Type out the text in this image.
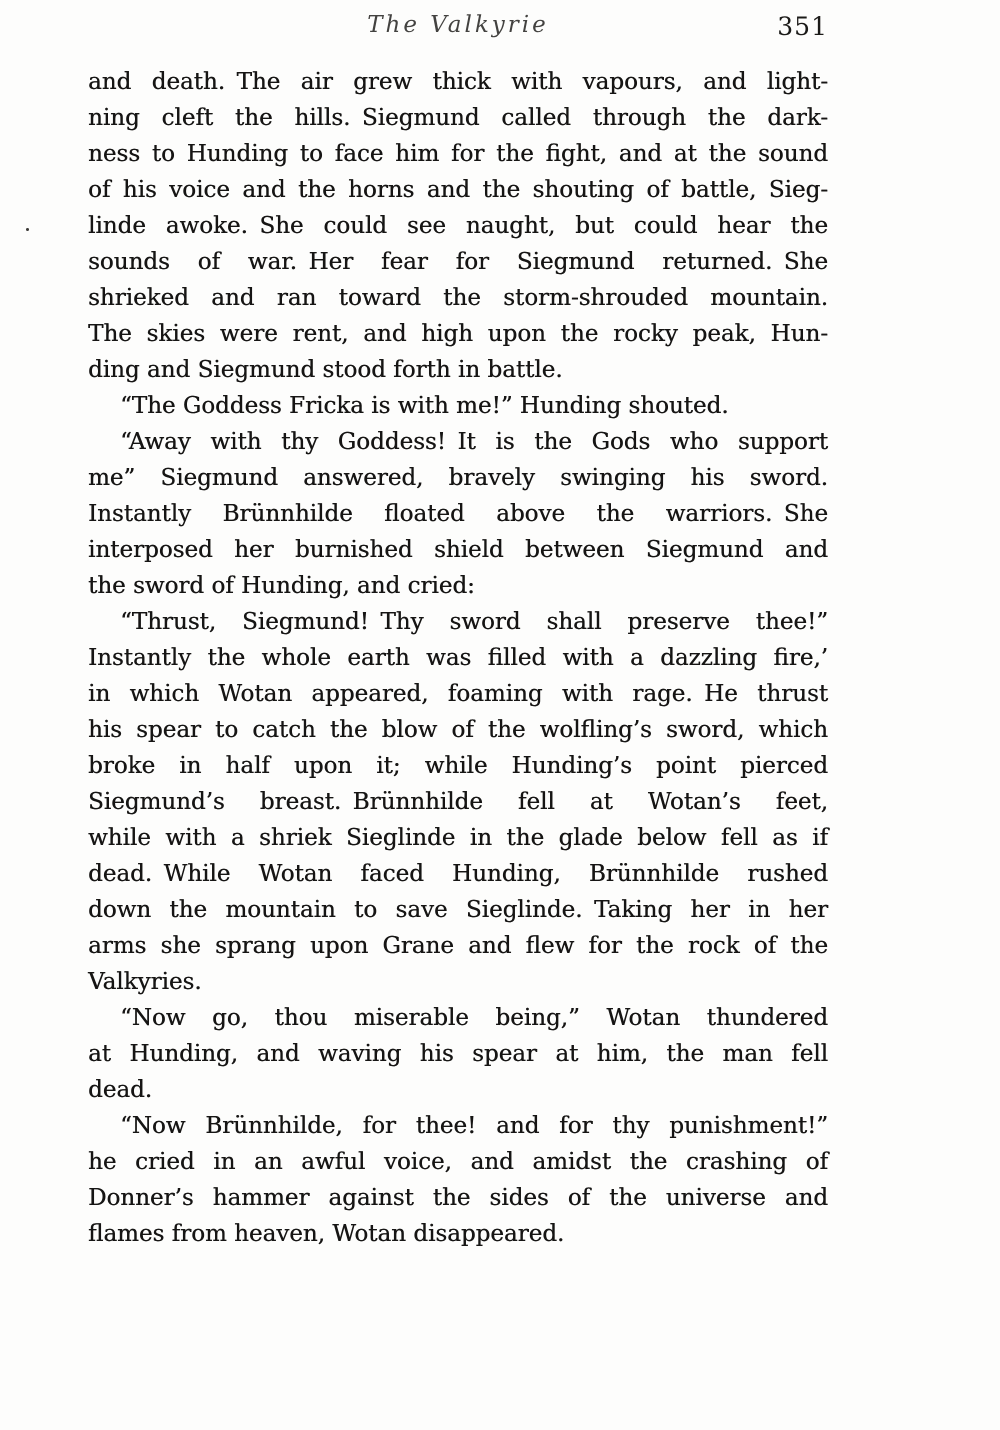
The Valkyrie	351
and death. The air grew thick with vapours, and light-
ning cleft the hills. Siegmund called through the dark-
ness to Hunding to face him for the fight, and at the sound
of his voice and the horns and the shouting of battle, Sieg-
linde awoke. She could see naught, but could hear the
sounds of war. Her fear for Siegmund returned. She
shrieked and ran toward the storm-shrouded mountain.
The skies were rent, and high upon the rocky peak, Hun-
ding and Siegmund stood forth in battle.
“The Goddess Fricka is with me!” Hunding shouted.
“Away with thy Goddess! It is the Gods who support
me” Siegmund answered, bravely swinging his sword.
Instantly Brünnhilde floated above the warriors. She
interposed her burnished shield between Siegmund and
the sword of Hunding, and cried:
“Thrust, Siegmund! Thy sword shall preserve thee!”
Instantly the whole earth was filled with a dazzling fire,’
in which Wotan appeared, foaming with rage. He thrust
his spear to catch the blow of the wolfling’s sword, which
broke in half upon it; while Hunding’s point pierced
Siegmund’s breast. Brünnhilde fell at Wotan’s feet,
while with a shriek Sieglinde in the glade below fell as if
dead. While Wotan faced Hunding, Brünnhilde rushed
down the mountain to save Sieglinde. Taking her in her
arms she sprang upon Grane and flew for the rock of the
Valkyries.
“Now go, thou miserable being,” Wotan thundered
at Hunding, and waving his spear at him, the man fell
dead.
“Now Brünnhilde, for thee! and for thy punishment!”
he cried in an awful voice, and amidst the crashing of
Donner’s hammer against the sides of the universe and
flames from heaven, Wotan disappeared.
